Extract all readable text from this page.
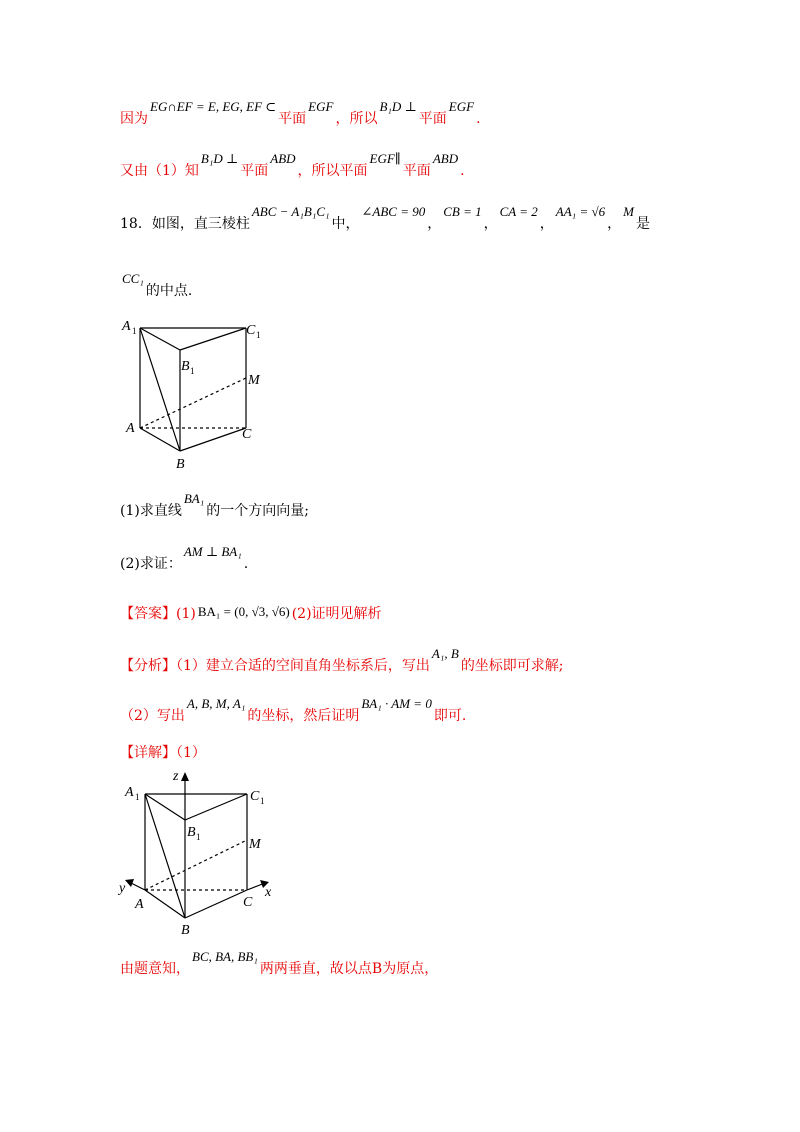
因为EG∩EF = E, EG, EF ⊂平面EGF，所以B₁D ⊥平面EGF.
又由（1）知B₁D ⊥平面ABD，所以平面EGF∥平面ABD.
18．如图，直三棱柱ABC − A₁B₁C₁中，∠ABC = 90，CB = 1，CA = 2，AA₁ = √6，M是
CC₁的中点.
A 1	C 1
B 1
M
A	C
B
(1)求直线BA₁的一个方向向量;
(2)求证：AM ⊥ BA₁.
【答案】(1) BA₁ = (0, √3, √6) (2)证明见解析
【分析】（1）建立合适的空间直角坐标系后，写出A₁, B的坐标即可求解;
（2）写出A, B, M, A₁的坐标，然后证明BA₁ · AM = 0即可.
【详解】（1）
z
x
y
A 1	C 1
B 1	M
A	C
B
由题意知，BC, BA, BB₁两两垂直，故以点B为原点，
